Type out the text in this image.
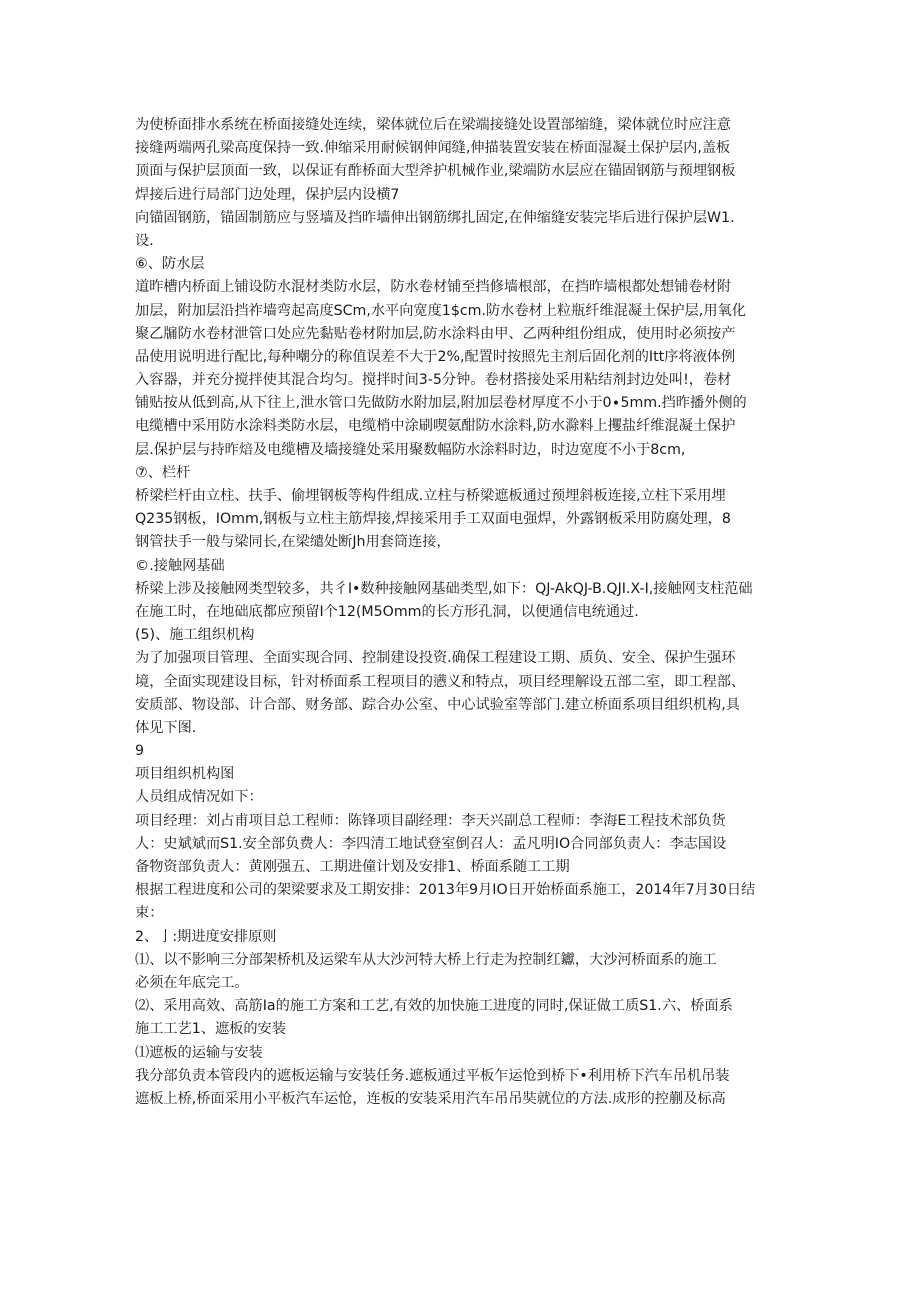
为使桥面排水系统在桥面接缝处连续，梁体就位后在梁端接缝处设置部缩缝，梁体就位时应注意
接缝两端两孔梁高度保持一致.伸缩采用耐候钢伸闻缝,伸描装置安装在桥面湿凝土保护层内,盖板
顶面与保护层顶面一致，以保证有酢桥面大型斧护机械作业,梁端防水层应在锚固钢筋与预埋钢板
焊接后进行局部门边处理，保护层内设横7
向锚固钢筋，锚固制筋应与竖墙及挡昨墙伸出钢筋绑扎固定,在伸缩缝安装完毕后进行保护层W1.
设.
⑥、防水层
道昨槽内桥面上铺设防水混材类防水层，防水卷材铺至挡修墙根部，在挡昨墙根都处想铺卷材附
加层，附加层沿挡祚墙弯起高度SCm,水平向宽度1$cm.防水卷材上粒瓶纤维混凝土保护层,用氧化
聚乙牖防水卷材泄管口处应先黏贴卷材附加层,防水涂料由甲、乙两种组份组成，使用时必须按产
品使用说明进行配比,每种嘲分的称值误差不大于2%,配置时按照先主剂后固化剂的Itt序将液体例
入容器，并充分搅拌使其混合均匀。搅拌时间3-5分钟。卷材搭接处采用粘结剂封边处叫!，卷材
铺贴按从低到高,从下往上,泄水管口先做防水附加层,附加层卷材厚度不小于0∙5mm.挡昨播外侧的
电缆槽中采用防水涂料类防水层，电缆梢中涂刷喫氨酣防水涂料,防水滁料上攫盐纤维混凝土保护
层.保护层与持昨焙及电缆槽及墙接缝处采用聚数幅防水涂料时边，时边宽度不小于8cm,
⑦、栏杆
桥梁栏杆由立柱、扶手、偷埋钢板等构件组成.立柱与桥梁遮板通过预埋斜板连接,立柱下采用埋
Q235钢板，IOmm,钢板与立柱主筋焊接,焊接采用手工双面电强焊，外露钢板采用防腐处理，8
钢管扶手一般与梁同长,在梁缱处断Jh用套筒连接，
©.接触网基础
桥梁上涉及接触网类型较多，共彳I•数种接触网基础类型,如下：QJ-AkQJ-B.QJI.X-I,接触网支柱范础
在施工时，在地础底都应预留I个12(M5Omm的长方形孔洞，以便通信电统通过.
(5)、施工组织机构
为了加强项目管理、全面实现合同、控制建设投资.确保工程建设工期、质负、安全、保护生强环
境，全面实现建设目标，针对桥面系工程项目的懑义和特点，项目经理解设五部二室，即工程部、
安质部、物设部、计合部、财务部、踪合办公室、中心试验室等部门.建立桥面系项目组织机构,具
体见下图.
9
项目组织机构图
人员组成情况如下：
项目经理：刘占甫项目总工程师：陈锋项目副经理：李天兴副总工程师：李海E工程技术部负货
人：史斌斌而S1.安全部负费人：李四清工地试登室倒召人：孟凡明IO合同部负责人：李志国设
备物资部负责人：黄刚强五、工期进僮计划及安排1、桥面系随工工期
根据工程进度和公司的架梁要求及工期安排：2013年9月IO日开始桥面系施工，2014年7月30日结
束：
2、亅:期进度安排原则
⑴、以不影响三分部架桥机及运梁车从大沙河特大桥上行走为控制红钀，大沙河桥面系的施工
必须在年底完工。
⑵、采用高效、高筋Ia的施工方案和工艺,有效的加快施工进度的同时,保证做工质S1.六、桥面系
施工工艺1、遮板的安装
⑴遮板的运输与安装
我分部负责本管段内的遮板运输与安装任务.遮板通过平板乍运怆到桥下•利用桥下汽车吊机吊装
遮板上桥,桥面采用小平板汽车运怆，连板的安装采用汽车吊吊奘就位的方法.成形的控蒯及标高
